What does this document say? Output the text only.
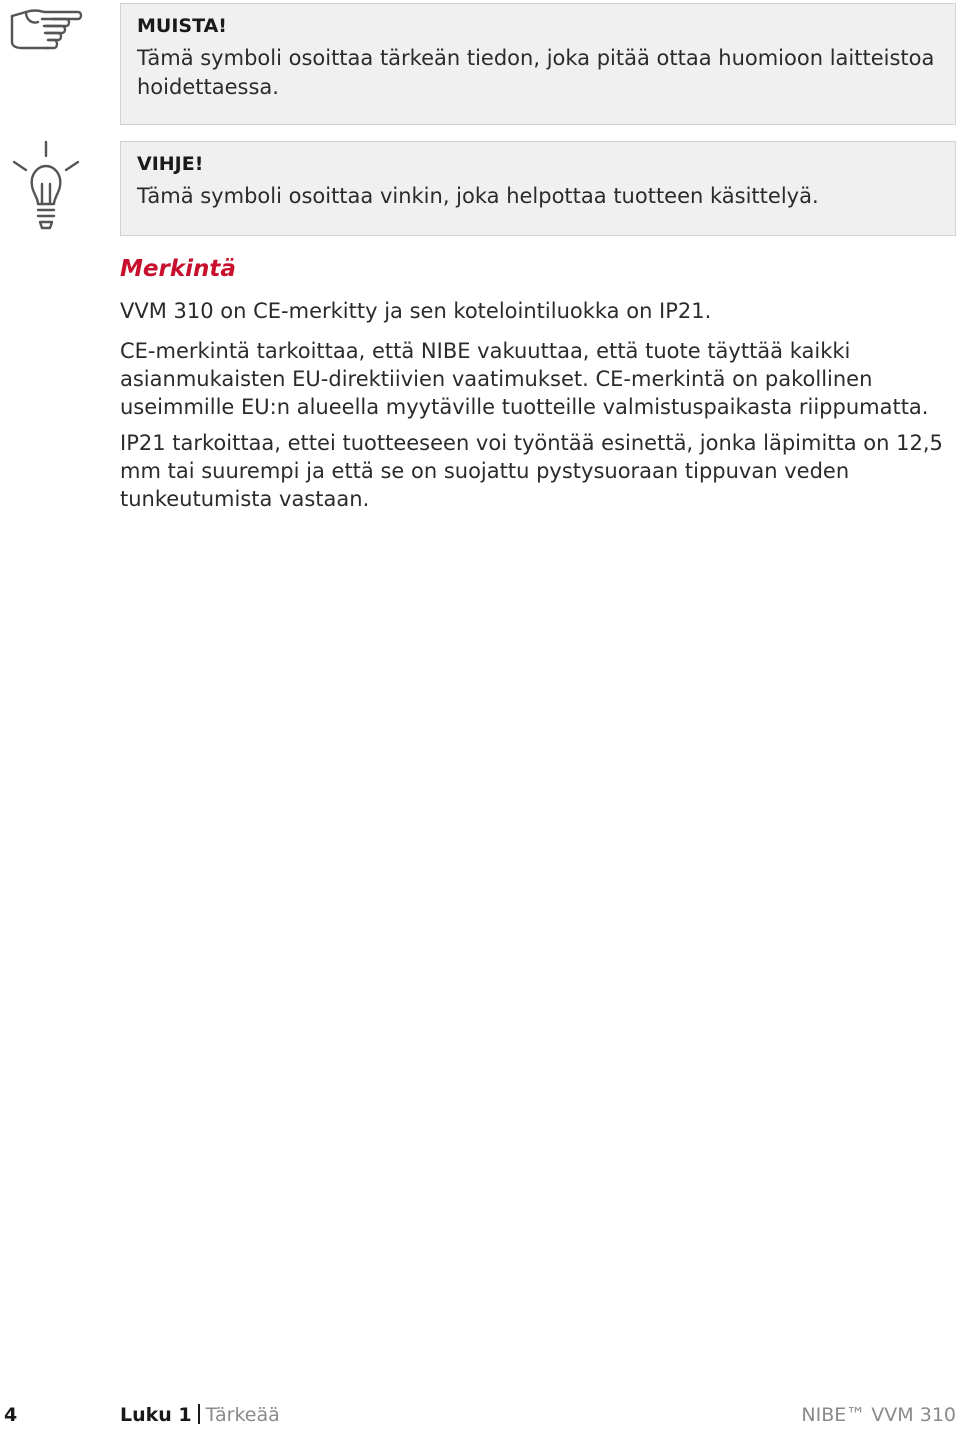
MUISTA!

Tämä symboli osoittaa tärkeän tiedon, joka pitää ottaa huomioon laitteistoa hoidettaessa.

VIHJE!

Tämä symboli osoittaa vinkin, joka helpottaa tuotteen käsittelyä.

Merkintä

VVM 310 on CE-merkitty ja sen kotelointiluokka on IP21.

CE-merkintä tarkoittaa, että NIBE vakuuttaa, että tuote täyttää kaikki asianmukaisten EU-direktiivien vaatimukset. CE-merkintä on pakollinen useimmille EU:n alueella myytäville tuotteille valmistuspaikasta riippumatta.

IP21 tarkoittaa, ettei tuotteeseen voi työntää esinettä, jonka läpimitta on 12,5 mm tai suurempi ja että se on suojattu pystysuoraan tippuvan veden tunkeutumista vastaan.

4	Luku 1 Tärkeää	NIBE™ VVM 310
